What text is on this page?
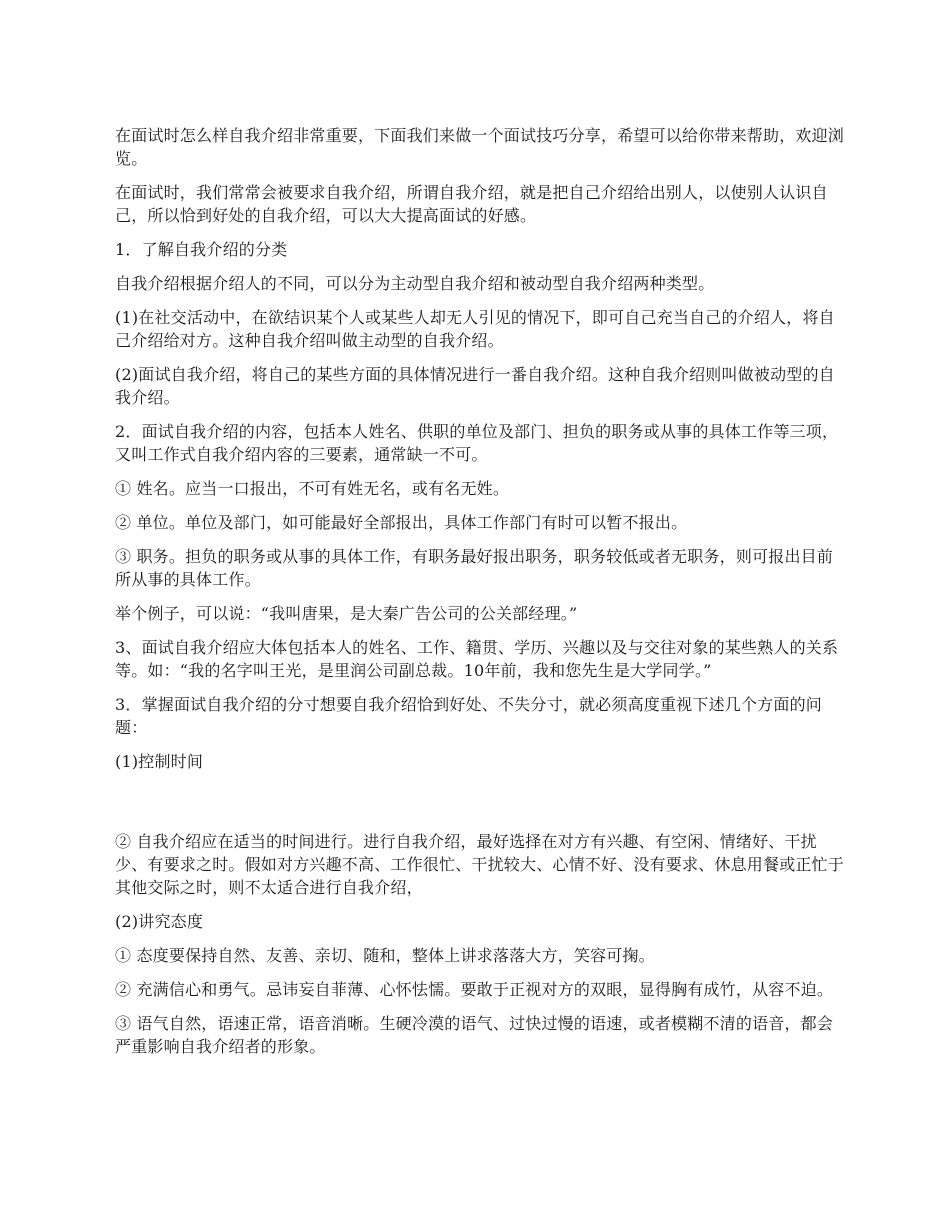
在面试时怎么样自我介绍非常重要，下面我们来做一个面试技巧分享，希望可以给你带来帮助，欢迎浏览。

在面试时，我们常常会被要求自我介绍，所谓自我介绍，就是把自己介绍给出别人，以使别人认识自己，所以恰到好处的自我介绍，可以大大提高面试的好感。

1．了解自我介绍的分类

自我介绍根据介绍人的不同，可以分为主动型自我介绍和被动型自我介绍两种类型。

(1)在社交活动中，在欲结识某个人或某些人却无人引见的情况下，即可自己充当自己的介绍人，将自己介绍给对方。这种自我介绍叫做主动型的自我介绍。

(2)面试自我介绍，将自己的某些方面的具体情况进行一番自我介绍。这种自我介绍则叫做被动型的自我介绍。

2．面试自我介绍的内容，包括本人姓名、供职的单位及部门、担负的职务或从事的具体工作等三项，又叫工作式自我介绍内容的三要素，通常缺一不可。

① 姓名。应当一口报出，不可有姓无名，或有名无姓。

② 单位。单位及部门，如可能最好全部报出，具体工作部门有时可以暂不报出。

③ 职务。担负的职务或从事的具体工作，有职务最好报出职务，职务较低或者无职务，则可报出目前所从事的具体工作。

举个例子，可以说：“我叫唐果，是大秦广告公司的公关部经理。”

3、面试自我介绍应大体包括本人的姓名、工作、籍贯、学历、兴趣以及与交往对象的某些熟人的关系等。如：“我的名字叫王光，是里润公司副总裁。10年前，我和您先生是大学同学。”

3．掌握面试自我介绍的分寸想要自我介绍恰到好处、不失分寸，就必须高度重视下述几个方面的问题：

(1)控制时间

② 自我介绍应在适当的时间进行。进行自我介绍，最好选择在对方有兴趣、有空闲、情绪好、干扰少、有要求之时。假如对方兴趣不高、工作很忙、干扰较大、心情不好、没有要求、休息用餐或正忙于其他交际之时，则不太适合进行自我介绍，

(2)讲究态度

① 态度要保持自然、友善、亲切、随和，整体上讲求落落大方，笑容可掬。

② 充满信心和勇气。忌讳妄自菲薄、心怀怯懦。要敢于正视对方的双眼，显得胸有成竹，从容不迫。

③ 语气自然，语速正常，语音消晰。生硬冷漠的语气、过快过慢的语速，或者模糊不清的语音，都会严重影响自我介绍者的形象。
